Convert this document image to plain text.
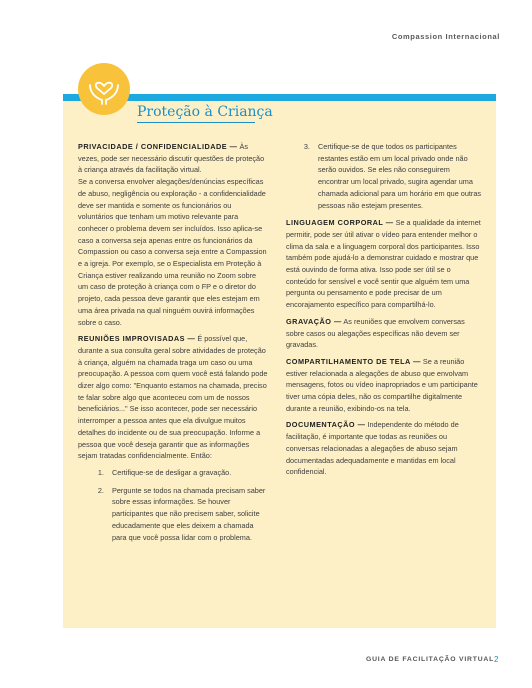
Compassion Internacional
Proteção à Criança

PRIVACIDADE / CONFIDENCIALIDADE — Às vezes, pode ser necessário discutir questões de proteção à criança através da facilitação virtual.
Se a conversa envolver alegações/denúncias específicas de abuso, negligência ou exploração - a confidencialidade deve ser mantida e somente os funcionários ou voluntários que tenham um motivo relevante para conhecer o problema devem ser incluídos. Isso aplica-se caso a conversa seja apenas entre os funcionários da Compassion ou caso a conversa seja entre a Compassion e a igreja. Por exemplo, se o Especialista em Proteção à Criança estiver realizando uma reunião no Zoom sobre um caso de proteção à criança com o FP e o diretor do projeto, cada pessoa deve garantir que eles estejam em uma área privada na qual ninguém ouvirá informações sobre o caso.

REUNIÕES IMPROVISADAS — É possível que, durante a sua consulta geral sobre atividades de proteção à criança, alguém na chamada traga um caso ou uma preocupação. A pessoa com quem você está falando pode dizer algo como: "Enquanto estamos na chamada, preciso te falar sobre algo que aconteceu com um de nossos beneficiários..." Se isso acontecer, pode ser necessário interromper a pessoa antes que ela divulgue muitos detalhes do incidente ou de sua preocupação. Informe a pessoa que você deseja garantir que as informações sejam tratadas confidencialmente. Então:

1. Certifique-se de desligar a gravação.
2. Pergunte se todos na chamada precisam saber sobre essas informações. Se houver participantes que não precisem saber, solicite educadamente que eles deixem a chamada para que você possa lidar com o problema.
3. Certifique-se de que todos os participantes restantes estão em um local privado onde não serão ouvidos. Se eles não conseguirem encontrar um local privado, sugira agendar uma chamada adicional para um horário em que outras pessoas não estejam presentes.

LINGUAGEM CORPORAL — Se a qualidade da internet permitir, pode ser útil ativar o vídeo para entender melhor o clima da sala e a linguagem corporal dos participantes. Isso também pode ajudá-lo a demonstrar cuidado e mostrar que está ouvindo de forma ativa. Isso pode ser útil se o conteúdo for sensível e você sentir que alguém tem uma pergunta ou pensamento e pode precisar de um encorajamento específico para compartilhá-lo.

GRAVAÇÃO — As reuniões que envolvem conversas sobre casos ou alegações específicas não devem ser gravadas.

COMPARTILHAMENTO DE TELA — Se a reunião estiver relacionada a alegações de abuso que envolvam mensagens, fotos ou vídeo inapropriados e um participante tiver uma cópia deles, não os compartilhe digitalmente durante a reunião, exibindo-os na tela.

DOCUMENTAÇÃO — Independente do método de facilitação, é importante que todas as reuniões ou conversas relacionadas a alegações de abuso sejam documentadas adequadamente e mantidas em local confidencial.

GUIA DE FACILITAÇÃO VIRTUAL 2
